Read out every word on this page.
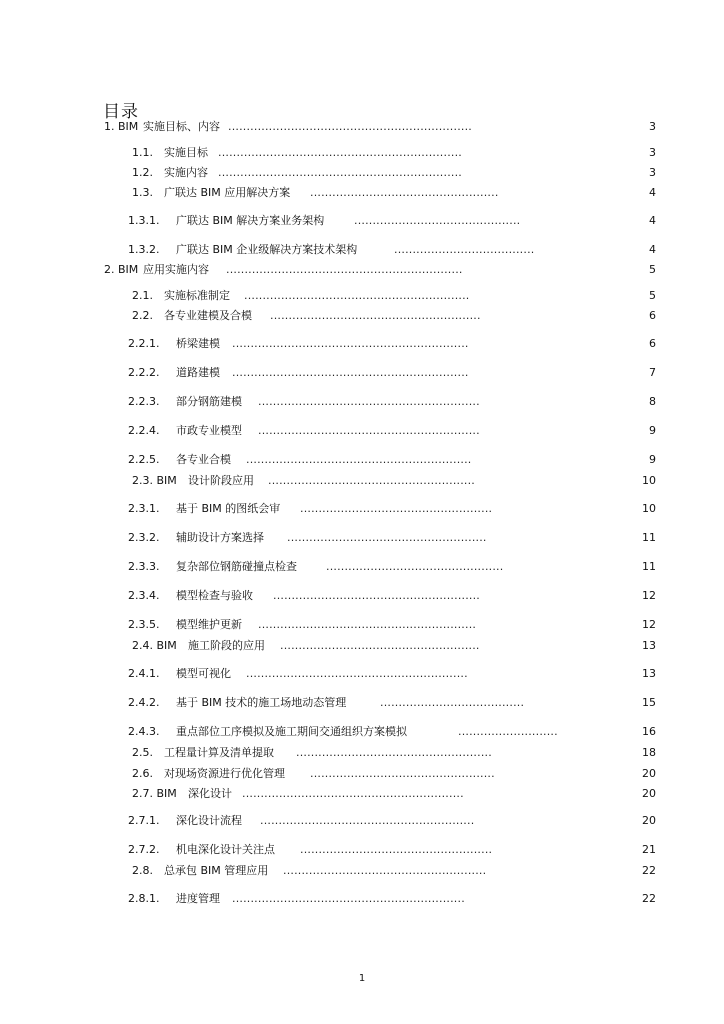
目录
1. BIM 实施目标、内容 ..................................................................	3
1.1. 实施目标 ..................................................................	3
1.2. 实施内容 ..................................................................	3
1.3. 广联达 BIM 应用解决方案 ...................................................	4
1.3.1. 广联达 BIM 解决方案业务架构	.............................................	4
1.3.2. 广联达 BIM 企业级解决方案技术架构	......................................	4
2. BIM 应用实施内容 ................................................................	5
2.1. 实施标准制定 .............................................................	5
2.2. 各专业建模及合模 .........................................................	6
2.2.1. 桥梁建模 ................................................................	6
2.2.2. 道路建模 ................................................................	7
2.2.3. 部分钢筋建模 ............................................................	8
2.2.4. 市政专业模型 ............................................................	9
2.2.5. 各专业合模 .............................................................	9
2.3. BIM 设计阶段应用 ........................................................	10
2.3.1. 基于 BIM 的图纸会审 ....................................................	10
2.3.2. 辅助设计方案选择 ......................................................	11
2.3.3. 复杂部位钢筋碰撞点检查	................................................	11
2.3.4. 模型检查与验收 ........................................................	12
2.3.5. 模型维护更新 ...........................................................	12
2.4. BIM 施工阶段的应用 ......................................................	13
2.4.1. 模型可视化 ............................................................	13
2.4.2. 基于 BIM 技术的施工场地动态管理	.......................................	15
2.4.3. 重点部位工序模拟及施工期间交通组织方案模拟	...........................	16
2.5. 工程量计算及清单提取 .....................................................	18
2.6. 对现场资源进行优化管理 ..................................................	20
2.7. BIM 深化设计 ............................................................	20
2.7.1. 深化设计流程 ..........................................................	20
2.7.2. 机电深化设计关注点 ....................................................	21
2.8. 总承包 BIM 管理应用 .......................................................	22
2.8.1. 进度管理 ...............................................................	22
1
